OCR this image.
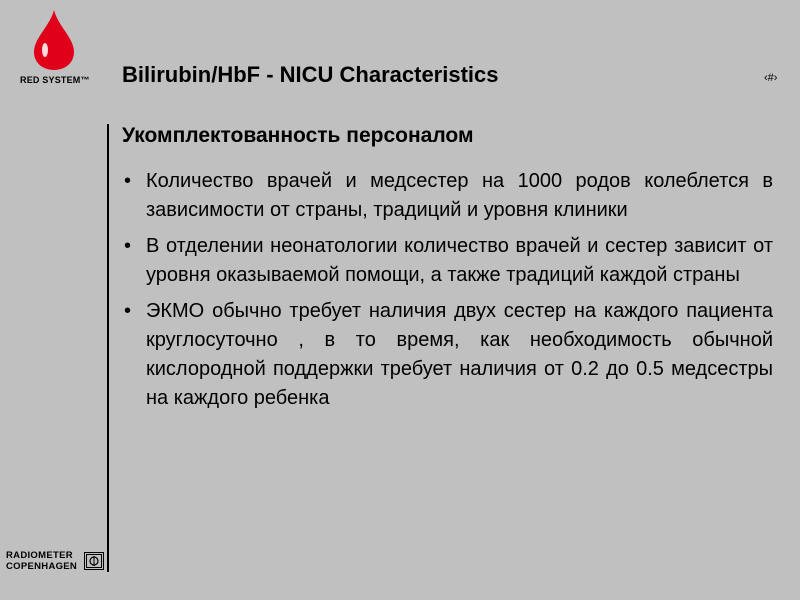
RED SYSTEM™ Bilirubin/HbF - NICU Characteristics	‹#›
Укомплектованность персоналом
• Количество врачей и медсестер на 1000 родов колеблется в зависимости от страны, традиций и уровня клиники
• В отделении неонатологии количество врачей и сестер зависит от уровня оказываемой помощи, а также традиций каждой страны
• ЭКМО обычно требует наличия двух сестер на каждого пациента круглосуточно , в то время, как необходимость обычной кислородной поддержки требует наличия от 0.2 до 0.5 медсестры на каждого ребенка
RADIOMETER
COPENHAGEN
